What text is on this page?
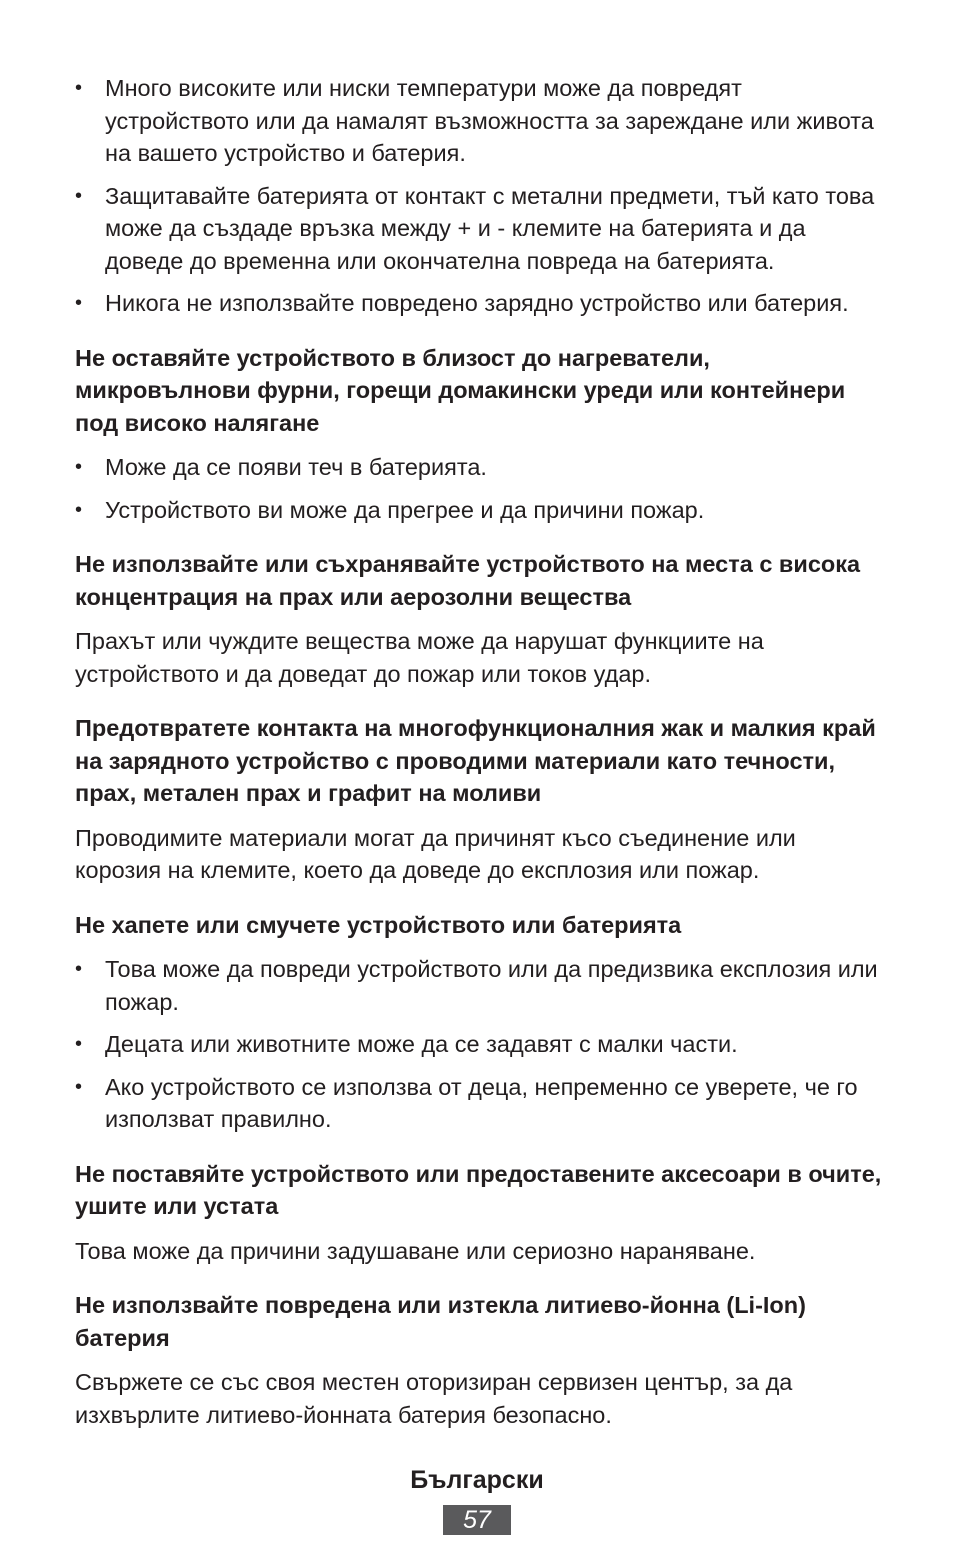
• Много високите или ниски температури може да повредят устройството или да намалят възможността за зареждане или живота на вашето устройство и батерия.
• Защитавайте батерията от контакт с метални предмети, тъй като това може да създаде връзка между + и - клемите на батерията и да доведе до временна или окончателна повреда на батерията.
• Никога не използвайте повредено зарядно устройство или батерия.
Не оставяйте устройството в близост до нагреватели, микровълнови фурни, горещи домакински уреди или контейнери под високо налягане
• Може да се появи теч в батерията.
• Устройството ви може да прегрее и да причини пожар.
Не използвайте или съхранявайте устройството на места с висока концентрация на прах или аерозолни вещества

Прахът или чуждите вещества може да нарушат функциите на устройството и да доведат до пожар или токов удар.

Предотвратете контакта на многофункционалния жак и малкия край на зарядното устройство с проводими материали като течности, прах, метален прах и графит на моливи

Проводимите материали могат да причинят късо съединение или корозия на клемите, което да доведе до експлозия или пожар.

Не хапете или смучете устройството или батерията
• Това може да повреди устройството или да предизвика експлозия или пожар.
• Децата или животните може да се задавят с малки части.
• Ако устройството се използва от деца, непременно се уверете, че го използват правилно.
Не поставяйте устройството или предоставените аксесоари в очите, ушите или устата

Това може да причини задушаване или сериозно нараняване.

Не използвайте повредена или изтекла литиево-йонна (Li-Ion) батерия

Свържете се със своя местен оторизиран сервизен център, за да изхвърлите литиево-йонната батерия безопасно.

Български
57
